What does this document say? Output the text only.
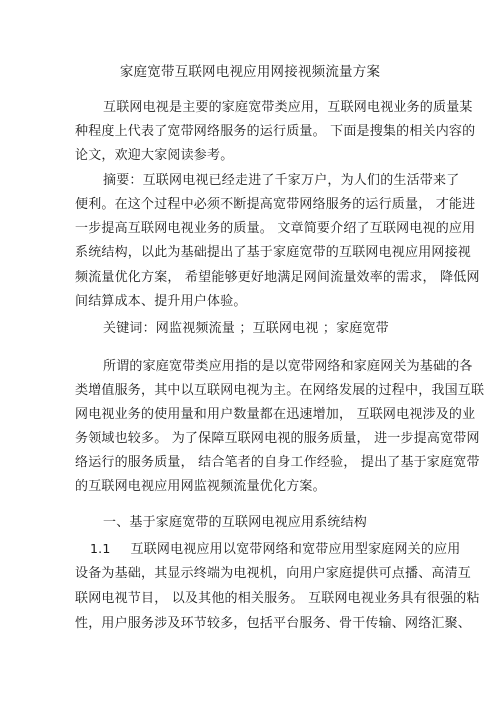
家庭宽带互联网电视应用网接视频流量方案
互联网电视是主要的家庭宽带类应用，互联网电视业务的质量某
种程度上代表了宽带网络服务的运行质量。 下面是搜集的相关内容的
论文，欢迎大家阅读参考。
摘要：互联网电视已经走进了千家万户，为人们的生活带来了
便利。在这个过程中必须不断提高宽带网络服务的运行质量， 才能进
一步提高互联网电视业务的质量。 文章简要介绍了互联网电视的应用
系统结构，以此为基础提出了基于家庭宽带的互联网电视应用网接视
频流量优化方案， 希望能够更好地满足网间流量效率的需求， 降低网
间结算成本、提升用户体验。
关键词：网监视频流量 ；互联网电视 ；家庭宽带
所谓的家庭宽带类应用指的是以宽带网络和家庭网关为基础的各
类增值服务，其中以互联网电视为主。在网络发展的过程中，我国互联
网电视业务的使用量和用户数量都在迅速增加， 互联网电视涉及的业
务领域也较多。 为了保障互联网电视的服务质量， 进一步提高宽带网
络运行的服务质量， 结合笔者的自身工作经验， 提出了基于家庭宽带
的互联网电视应用网监视频流量优化方案。
一、基于家庭宽带的互联网电视应用系统结构
1.1 互联网电视应用以宽带网络和宽带应用型家庭网关的应用
设备为基础，其显示终端为电视机，向用户家庭提供可点播、高清互
联网电视节目， 以及其他的相关服务。 互联网电视业务具有很强的粘
性，用户服务涉及环节较多，包括平台服务、骨干传输、网络汇聚、
